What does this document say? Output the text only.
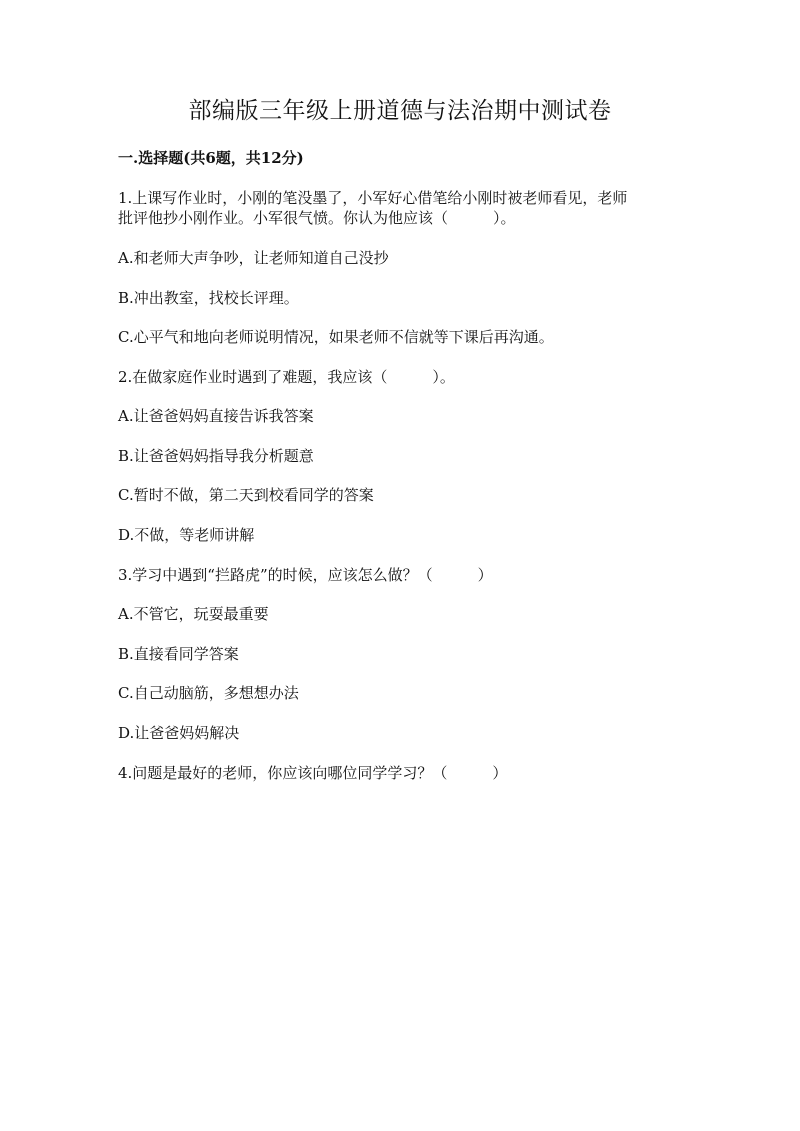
部编版三年级上册道德与法治期中测试卷
一.选择题(共6题，共12分)
1.上课写作业时，小刚的笔没墨了，小军好心借笔给小刚时被老师看见，老师
批评他抄小刚作业。小军很气愤。你认为他应该（　　　）。
A.和老师大声争吵，让老师知道自己没抄
B.冲出教室，找校长评理。
C.心平气和地向老师说明情况，如果老师不信就等下课后再沟通。
2.在做家庭作业时遇到了难题，我应该（　　　）。
A.让爸爸妈妈直接告诉我答案
B.让爸爸妈妈指导我分析题意
C.暂时不做，第二天到校看同学的答案
D.不做，等老师讲解
3.学习中遇到“拦路虎”的时候，应该怎么做？（　　　）
A.不管它，玩耍最重要
B.直接看同学答案
C.自己动脑筋，多想想办法
D.让爸爸妈妈解决
4.问题是最好的老师，你应该向哪位同学学习？（　　　）
